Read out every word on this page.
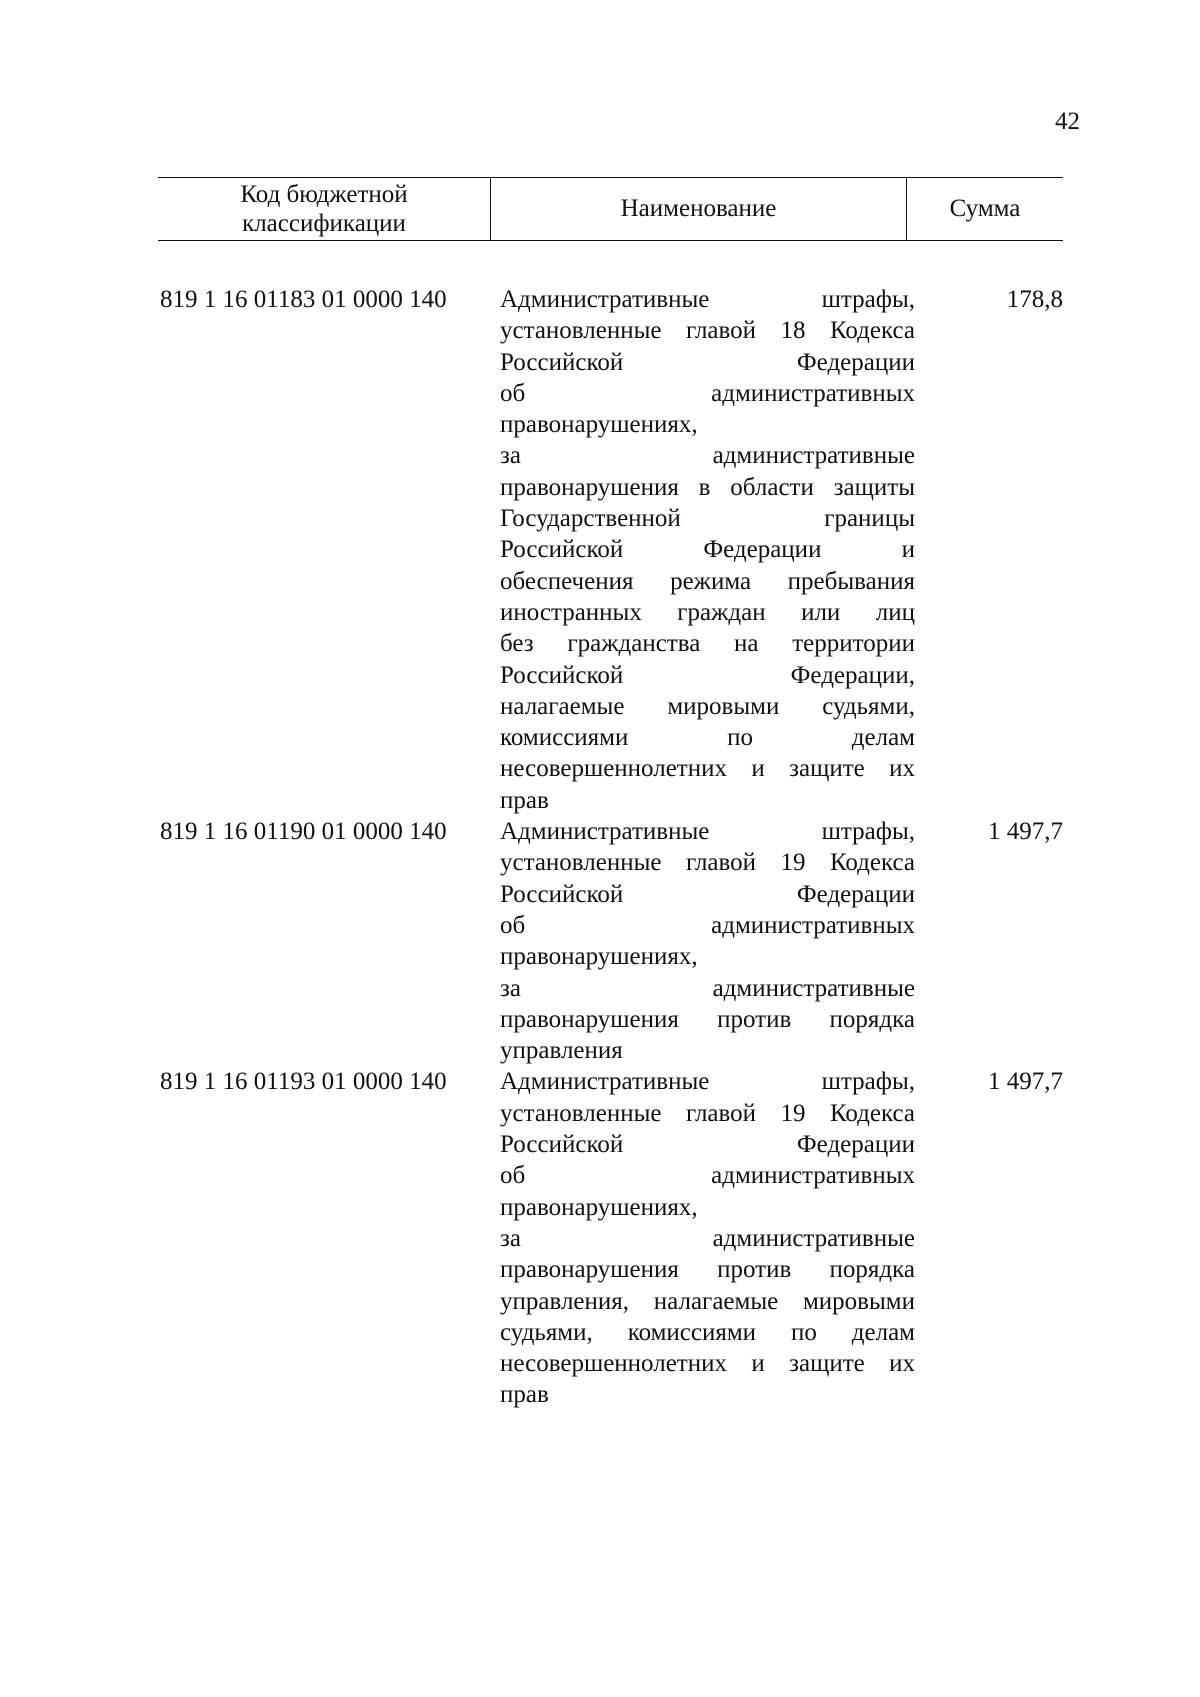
42
Код бюджетной классификации
Наименование	Сумма
819 1 16 01183 01 0000 140 Административные штрафы,
установленные главой 18 Кодекса
Российской Федерации
об административных
правонарушениях,
за административные
правонарушения в области защиты
Государственной границы
Российской Федерации и
обеспечения режима пребывания
иностранных граждан или лиц
без гражданства на территории
Российской Федерации,
налагаемые мировыми судьями,
комиссиями по делам
несовершеннолетних и защите их
прав
178,8
819 1 16 01190 01 0000 140 Административные штрафы,
установленные главой 19 Кодекса
Российской Федерации
об административных
правонарушениях,
за административные
правонарушения против порядка
управления
1 497,7
819 1 16 01193 01 0000 140 Административные штрафы,
установленные главой 19 Кодекса
Российской Федерации
об административных
правонарушениях,
за административные
правонарушения против порядка
управления, налагаемые мировыми
судьями, комиссиями по делам
несовершеннолетних и защите их
прав
1 497,7
